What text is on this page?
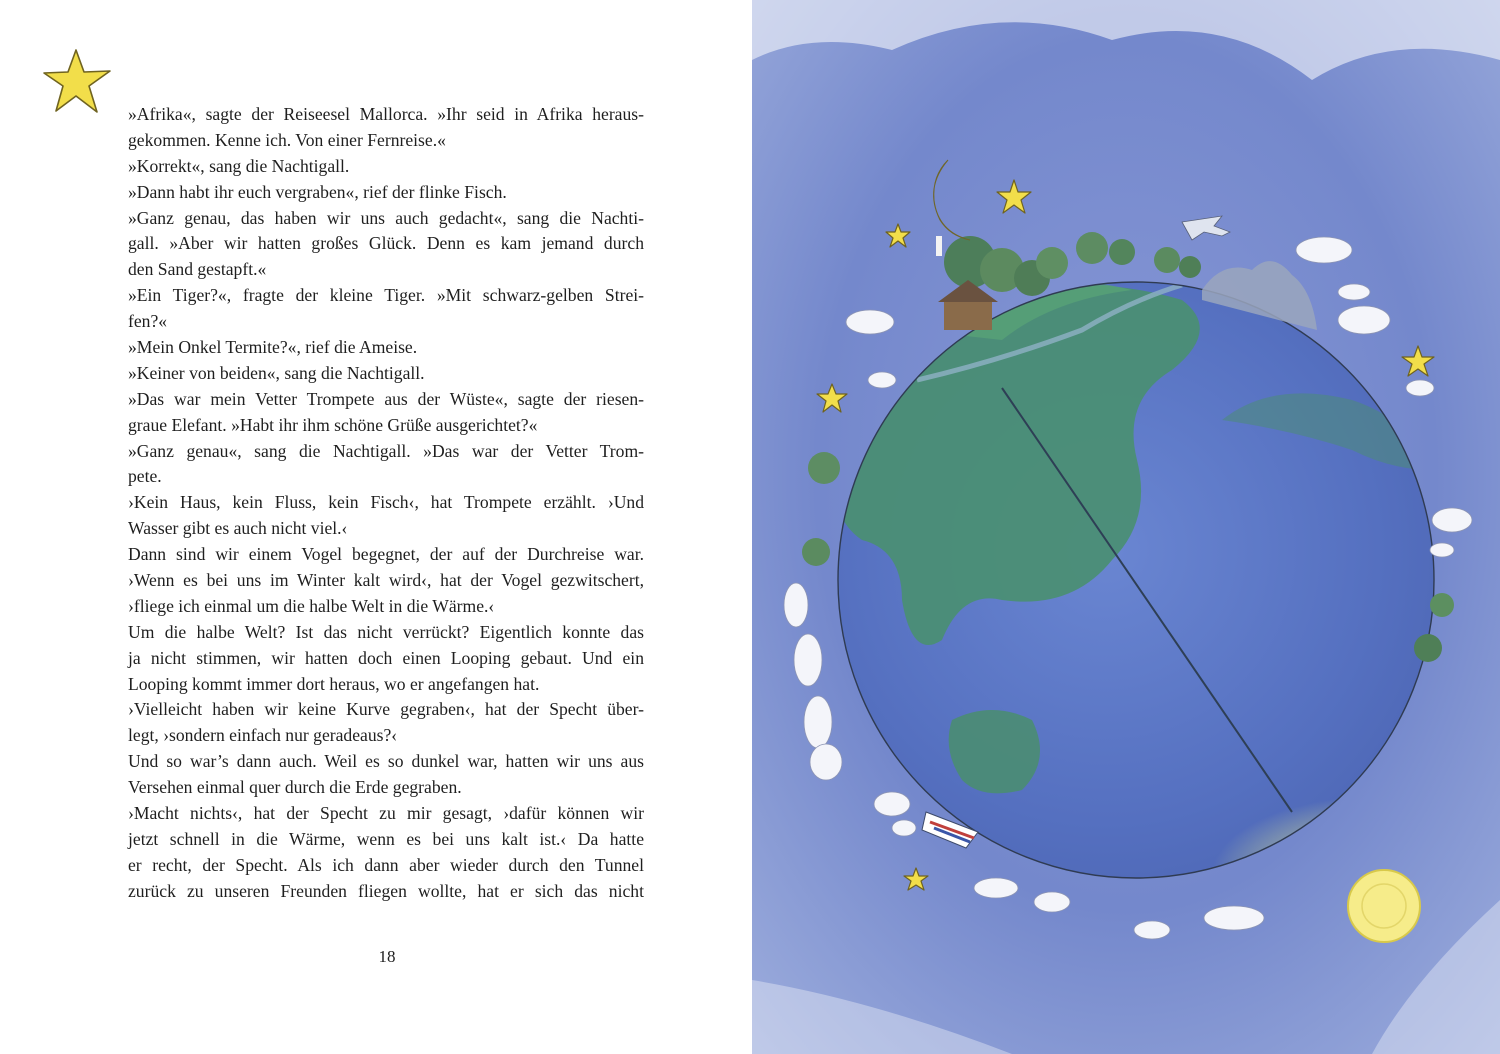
»Afrika«, sagte der Reiseesel Mallorca. »Ihr seid in Afrika heraus-
gekommen. Kenne ich. Von einer Fernreise.«
»Korrekt«, sang die Nachtigall.
»Dann habt ihr euch vergraben«, rief der flinke Fisch.
»Ganz genau, das haben wir uns auch gedacht«, sang die Nachti-
gall. »Aber wir hatten großes Glück. Denn es kam jemand durch
den Sand gestapft.«
»Ein Tiger?«, fragte der kleine Tiger. »Mit schwarz-gelben Strei-
fen?«
»Mein Onkel Termite?«, rief die Ameise.
»Keiner von beiden«, sang die Nachtigall.
»Das war mein Vetter Trompete aus der Wüste«, sagte der riesen-
graue Elefant. »Habt ihr ihm schöne Grüße ausgerichtet?«
»Ganz genau«, sang die Nachtigall. »Das war der Vetter Trom-
pete.
›Kein Haus, kein Fluss, kein Fisch‹, hat Trompete erzählt. ›Und
Wasser gibt es auch nicht viel.‹
Dann sind wir einem Vogel begegnet, der auf der Durchreise war.
›Wenn es bei uns im Winter kalt wird‹, hat der Vogel gezwitschert,
›fliege ich einmal um die halbe Welt in die Wärme.‹
Um die halbe Welt? Ist das nicht verrückt? Eigentlich konnte das
ja nicht stimmen, wir hatten doch einen Looping gebaut. Und ein
Looping kommt immer dort heraus, wo er angefangen hat.
›Vielleicht haben wir keine Kurve gegraben‹, hat der Specht über-
legt, ›sondern einfach nur geradeaus?‹
Und so war’s dann auch. Weil es so dunkel war, hatten wir uns aus
Versehen einmal quer durch die Erde gegraben.
›Macht nichts‹, hat der Specht zu mir gesagt, ›dafür können wir
jetzt schnell in die Wärme, wenn es bei uns kalt ist.‹ Da hatte
er recht, der Specht. Als ich dann aber wieder durch den Tunnel
zurück zu unseren Freunden fliegen wollte, hat er sich das nicht
18
